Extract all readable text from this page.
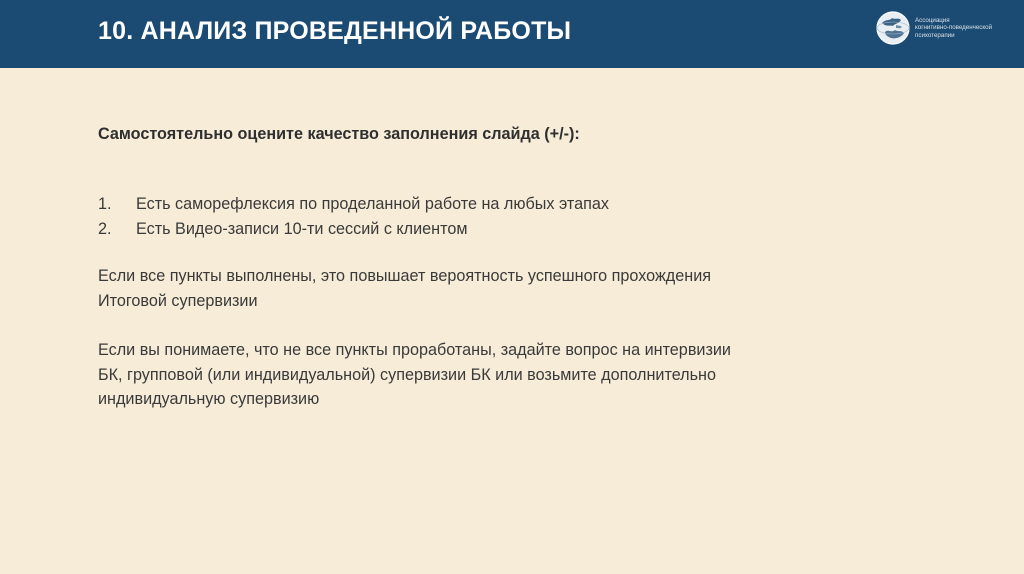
10. АНАЛИЗ ПРОВЕДЕННОЙ РАБОТЫ	Ассоциация
когнитивно-поведенческой
психотерапии
Самостоятельно оцените качество заполнения слайда (+/-):
1. Есть саморефлексия по проделанной работе на любых этапах
2. Есть Видео-записи 10-ти сессий с клиентом
Если все пункты выполнены, это повышает вероятность успешного прохождения
Итоговой супервизии
Если вы понимаете, что не все пункты проработаны, задайте вопрос на интервизии
БК, групповой (или индивидуальной) супервизии БК или возьмите дополнительно
индивидуальную супервизию
